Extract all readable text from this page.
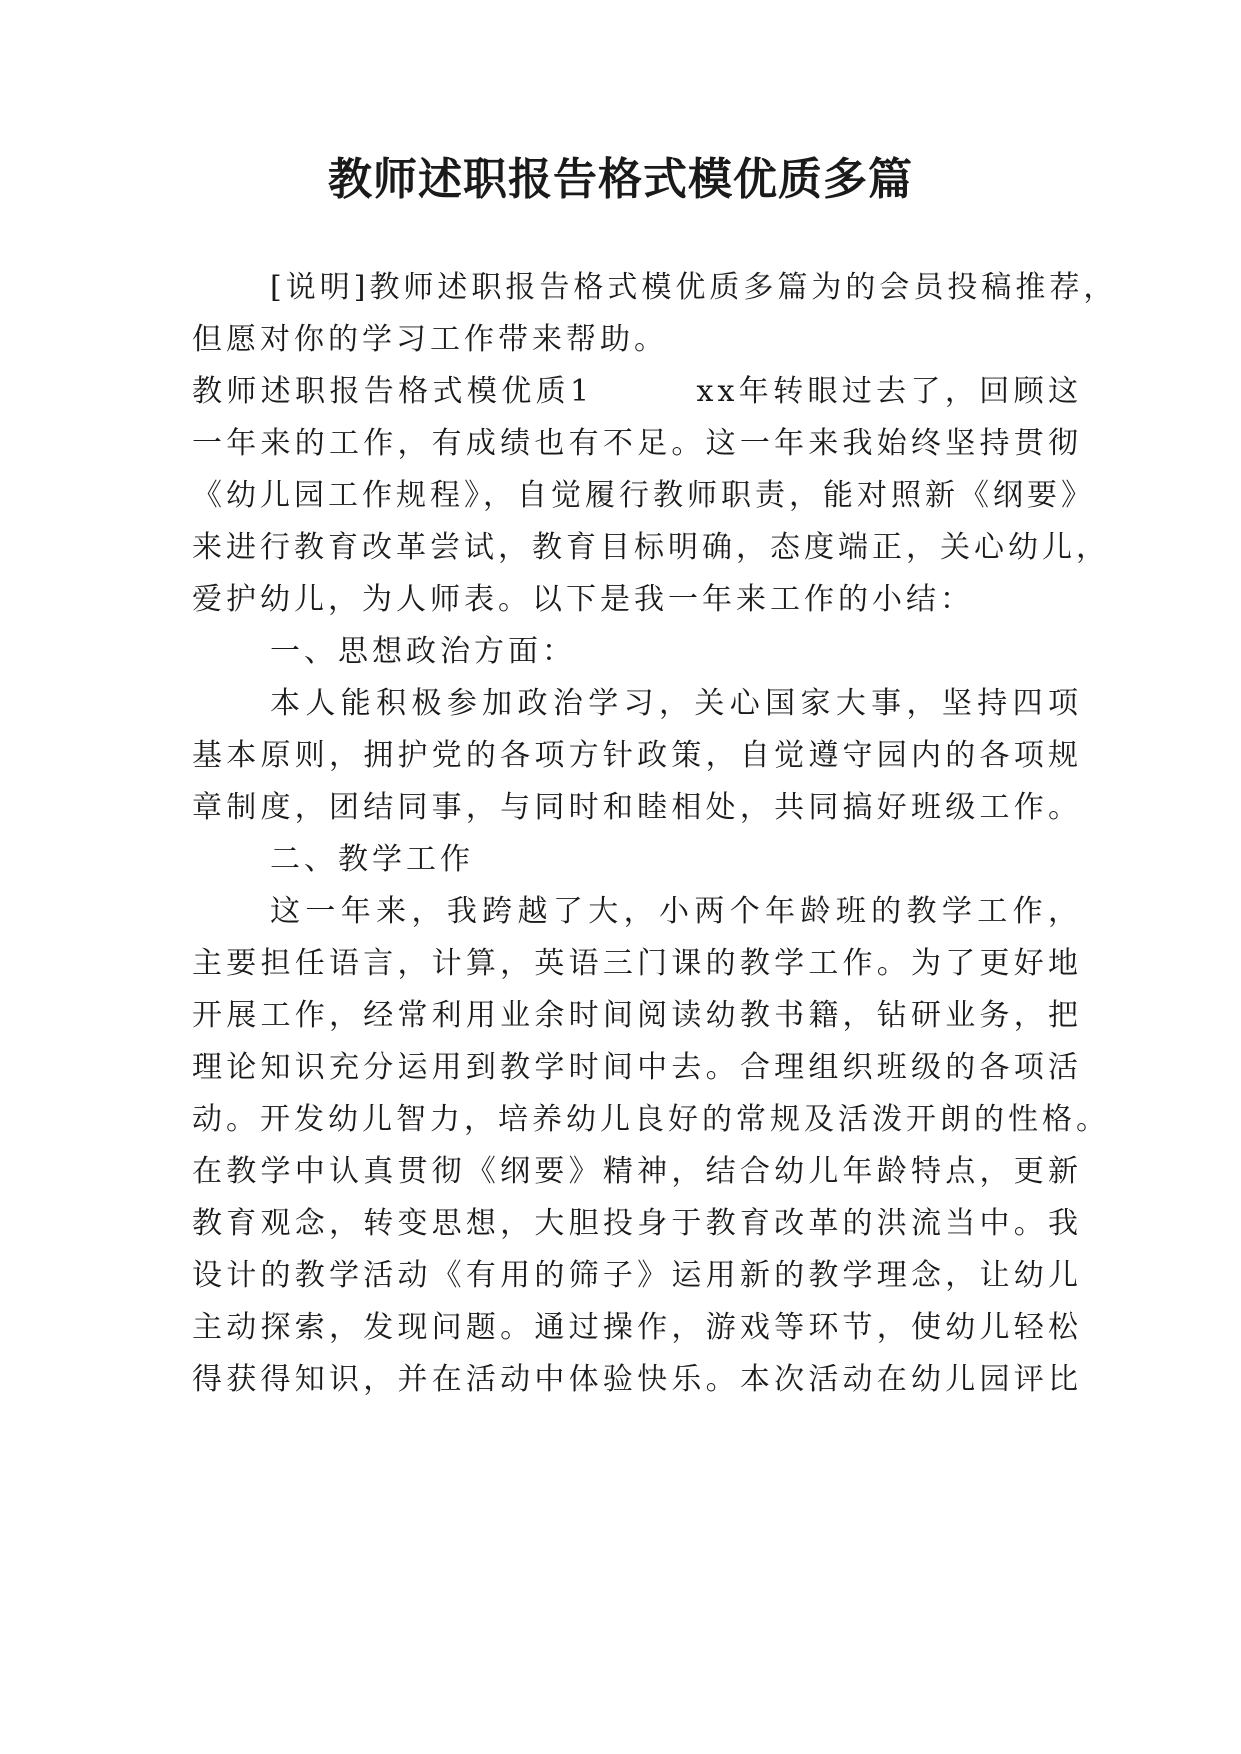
教师述职报告格式模优质多篇

[说明]教师述职报告格式模优质多篇为的会员投稿推荐，

但愿对你的学习工作带来帮助。

教师述职报告格式模优质1　　　xx年转眼过去了，回顾这

一年来的工作，有成绩也有不足。这一年来我始终坚持贯彻

《幼儿园工作规程》，自觉履行教师职责，能对照新《纲要》

来进行教育改革尝试，教育目标明确，态度端正，关心幼儿，

爱护幼儿，为人师表。以下是我一年来工作的小结：

一、思想政治方面：

本人能积极参加政治学习，关心国家大事，坚持四项

基本原则，拥护党的各项方针政策，自觉遵守园内的各项规

章制度，团结同事，与同时和睦相处，共同搞好班级工作。

二、教学工作

这一年来，我跨越了大，小两个年龄班的教学工作，

主要担任语言，计算，英语三门课的教学工作。为了更好地

开展工作，经常利用业余时间阅读幼教书籍，钻研业务，把

理论知识充分运用到教学时间中去。合理组织班级的各项活

动。开发幼儿智力，培养幼儿良好的常规及活泼开朗的性格。

在教学中认真贯彻《纲要》精神，结合幼儿年龄特点，更新

教育观念，转变思想，大胆投身于教育改革的洪流当中。我

设计的教学活动《有用的筛子》运用新的教学理念，让幼儿

主动探索，发现问题。通过操作，游戏等环节，使幼儿轻松

得获得知识，并在活动中体验快乐。本次活动在幼儿园评比
